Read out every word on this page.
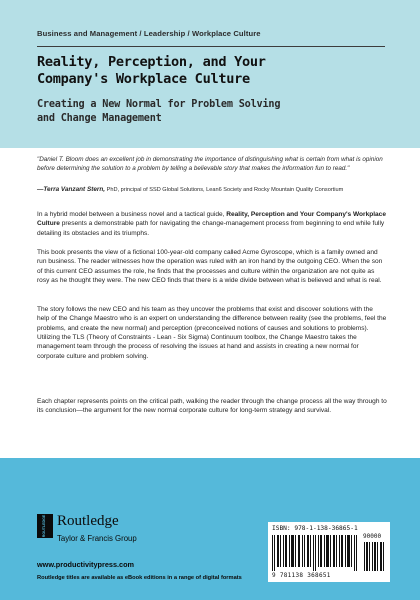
Business and Management / Leadership / Workplace Culture
Reality, Perception, and Your
Company's Workplace Culture
Creating a New Normal for Problem Solving
and Change Management
"Daniel T. Bloom does an excellent job in demonstrating the importance of distinguishing what is certain from what is opinion before determining the solution to a problem by telling a believable story that makes the information fun to read."
—Terra Vanzant Stern, PhD, principal of SSD Global Solutions, Lean6 Society and Rocky Mountain Quality Consortium
In a hybrid model between a business novel and a tactical guide, Reality, Perception and Your Company's Workplace Culture presents a demonstrable path for navigating the change-management process from beginning to end while fully detailing its obstacles and its triumphs.
This book presents the view of a fictional 100-year-old company called Acme Gyroscope, which is a family owned and run business. The reader witnesses how the operation was ruled with an iron hand by the outgoing CEO. When the son of this current CEO assumes the role, he finds that the processes and culture within the organization are not quite as rosy as he thought they were. The new CEO finds that there is a wide divide between what is believed and what is real.
The story follows the new CEO and his team as they uncover the problems that exist and discover solutions with the help of the Change Maestro who is an expert on understanding the difference between reality (see the problems, feel the problems, and create the new normal) and perception (preconceived notions of causes and solutions to problems). Utilizing the TLS (Theory of Constraints - Lean - Six Sigma) Continuum toolbox, the Change Maestro takes the management team through the process of resolving the issues at hand and assists in creating a new normal for corporate culture and problem solving.
Each chapter represents points on the critical path, walking the reader through the change process all the way through to its conclusion—the argument for the new normal corporate culture for long-term strategy and survival.
ROUTLEDGE Routledge
Taylor & Francis Group
www.productivitypress.com
Routledge titles are available as eBook editions in a range of digital formats
ISBN: 978-1-138-36865-1
90000
9 781138 368651
